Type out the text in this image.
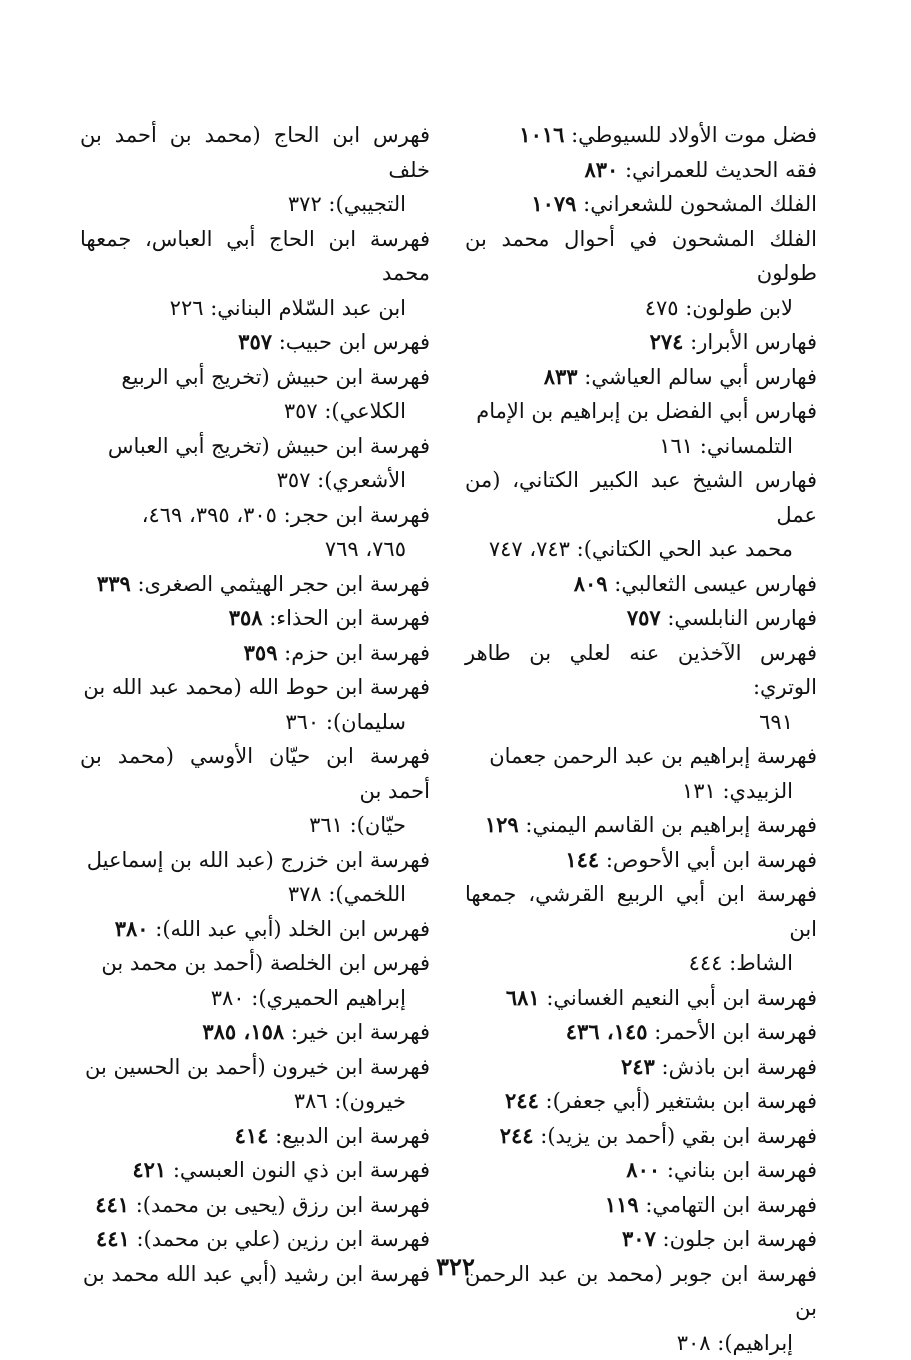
فضل موت الأولاد للسيوطي: ١٠١٦

فقه الحديث للعمراني: ٨٣٠

الفلك المشحون للشعراني: ١٠٧٩

الفلك المشحون في أحوال محمد بن طولون
لابن طولون: ٤٧٥

فهارس الأبرار: ٢٧٤

فهارس أبي سالم العياشي: ٨٣٣

فهارس أبي الفضل بن إبراهيم بن الإمام
التلمساني: ١٦١

فهارس الشيخ عبد الكبير الكتاني، (من عمل
محمد عبد الحي الكتاني): ٧٤٣، ٧٤٧

فهارس عيسى الثعالبي: ٨٠٩

فهارس النابلسي: ٧٥٧

فهرس الآخذين عنه لعلي بن طاهر الوتري:
٦٩١

فهرسة إبراهيم بن عبد الرحمن جعمان
الزبيدي: ١٣١

فهرسة إبراهيم بن القاسم اليمني: ١٢٩

فهرسة ابن أبي الأحوص: ١٤٤

فهرسة ابن أبي الربيع القرشي، جمعها ابن
الشاط: ٤٤٤

فهرسة ابن أبي النعيم الغساني: ٦٨١

فهرسة ابن الأحمر: ١٤٥، ٤٣٦

فهرسة ابن باذش: ٢٤٣

فهرسة ابن بشتغير (أبي جعفر): ٢٤٤

فهرسة ابن بقي (أحمد بن يزيد): ٢٤٤

فهرسة ابن بناني: ٨٠٠

فهرسة ابن التهامي: ١١٩

فهرسة ابن جلون: ٣٠٧

فهرسة ابن جوبر (محمد بن عبد الرحمن بن
إبراهيم): ٣٠٨

فهرس ابن الحاج (محمد بن أحمد بن خلف
التجيبي): ٣٧٢

فهرسة ابن الحاج أبي العباس، جمعها محمد
ابن عبد السّلام البناني: ٢٢٦

فهرس ابن حبيب: ٣٥٧

فهرسة ابن حبيش (تخريج أبي الربيع
الكلاعي): ٣٥٧

فهرسة ابن حبيش (تخريج أبي العباس
الأشعري): ٣٥٧

فهرسة ابن حجر: ٣٠٥، ٣٩٥، ٤٦٩،
٧٦٥، ٧٦٩

فهرسة ابن حجر الهيثمي الصغرى: ٣٣٩

فهرسة ابن الحذاء: ٣٥٨

فهرسة ابن حزم: ٣٥٩

فهرسة ابن حوط الله (محمد عبد الله بن
سليمان): ٣٦٠

فهرسة ابن حيّان الأوسي (محمد بن أحمد بن
حيّان): ٣٦١

فهرسة ابن خزرج (عبد الله بن إسماعيل
اللخمي): ٣٧٨

فهرس ابن الخلد (أبي عبد الله): ٣٨٠

فهرس ابن الخلصة (أحمد بن محمد بن
إبراهيم الحميري): ٣٨٠

فهرسة ابن خير: ١٥٨، ٣٨٥

فهرسة ابن خيرون (أحمد بن الحسين بن
خيرون): ٣٨٦

فهرسة ابن الدبيع: ٤١٤

فهرسة ابن ذي النون العبسي: ٤٢١

فهرسة ابن رزق (يحيى بن محمد): ٤٤١

فهرسة ابن رزين (علي بن محمد): ٤٤١

فهرسة ابن رشيد (أبي عبد الله محمد بن ٣٢٢
